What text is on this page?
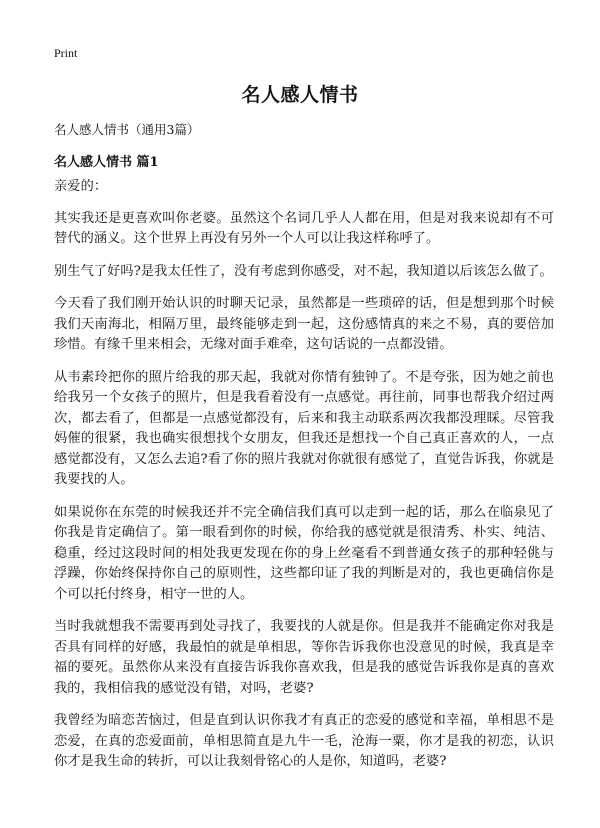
Print
名人感人情书

名人感人情书（通用3篇）

名人感人情书 篇1

亲爱的：

其实我还是更喜欢叫你老婆。虽然这个名词几乎人人都在用，但是对我来说却有不可替代的涵义。这个世界上再没有另外一个人可以让我这样称呼了。

别生气了好吗?是我太任性了，没有考虑到你感受，对不起，我知道以后该怎么做了。

今天看了我们刚开始认识的时聊天记录，虽然都是一些琐碎的话，但是想到那个时候我们天南海北，相隔万里，最终能够走到一起，这份感情真的来之不易，真的要倍加珍惜。有缘千里来相会，无缘对面手难牵，这句话说的一点都没错。

从韦素玲把你的照片给我的那天起，我就对你情有独钟了。不是夸张，因为她之前也给我另一个女孩子的照片，但是我看着没有一点感觉。再往前，同事也帮我介绍过两次，都去看了，但都是一点感觉都没有，后来和我主动联系两次我都没理睬。尽管我妈催的很紧，我也确实很想找个女朋友，但我还是想找一个自己真正喜欢的人，一点感觉都没有，又怎么去追?看了你的照片我就对你就很有感觉了，直觉告诉我，你就是我要找的人。

如果说你在东莞的时候我还并不完全确信我们真可以走到一起的话，那么在临泉见了你我是肯定确信了。第一眼看到你的时候，你给我的感觉就是很清秀、朴实、纯洁、稳重，经过这段时间的相处我更发现在你的身上丝毫看不到普通女孩子的那种轻佻与浮躁，你始终保持你自己的原则性，这些都印证了我的判断是对的，我也更确信你是个可以托付终身，相守一世的人。

当时我就想我不需要再到处寻找了，我要找的人就是你。但是我并不能确定你对我是否具有同样的好感，我最怕的就是单相思，等你告诉我你也没意见的时候，我真是幸福的要死。虽然你从来没有直接告诉我你喜欢我，但是我的感觉告诉我你是真的喜欢我的，我相信我的感觉没有错，对吗，老婆?

我曾经为暗恋苦恼过，但是直到认识你我才有真正的恋爱的感觉和幸福，单相思不是恋爱，在真的恋爱面前，单相思简直是九牛一毛，沧海一粟，你才是我的初恋，认识你才是我生命的转折，可以让我刻骨铭心的人是你，知道吗，老婆?
